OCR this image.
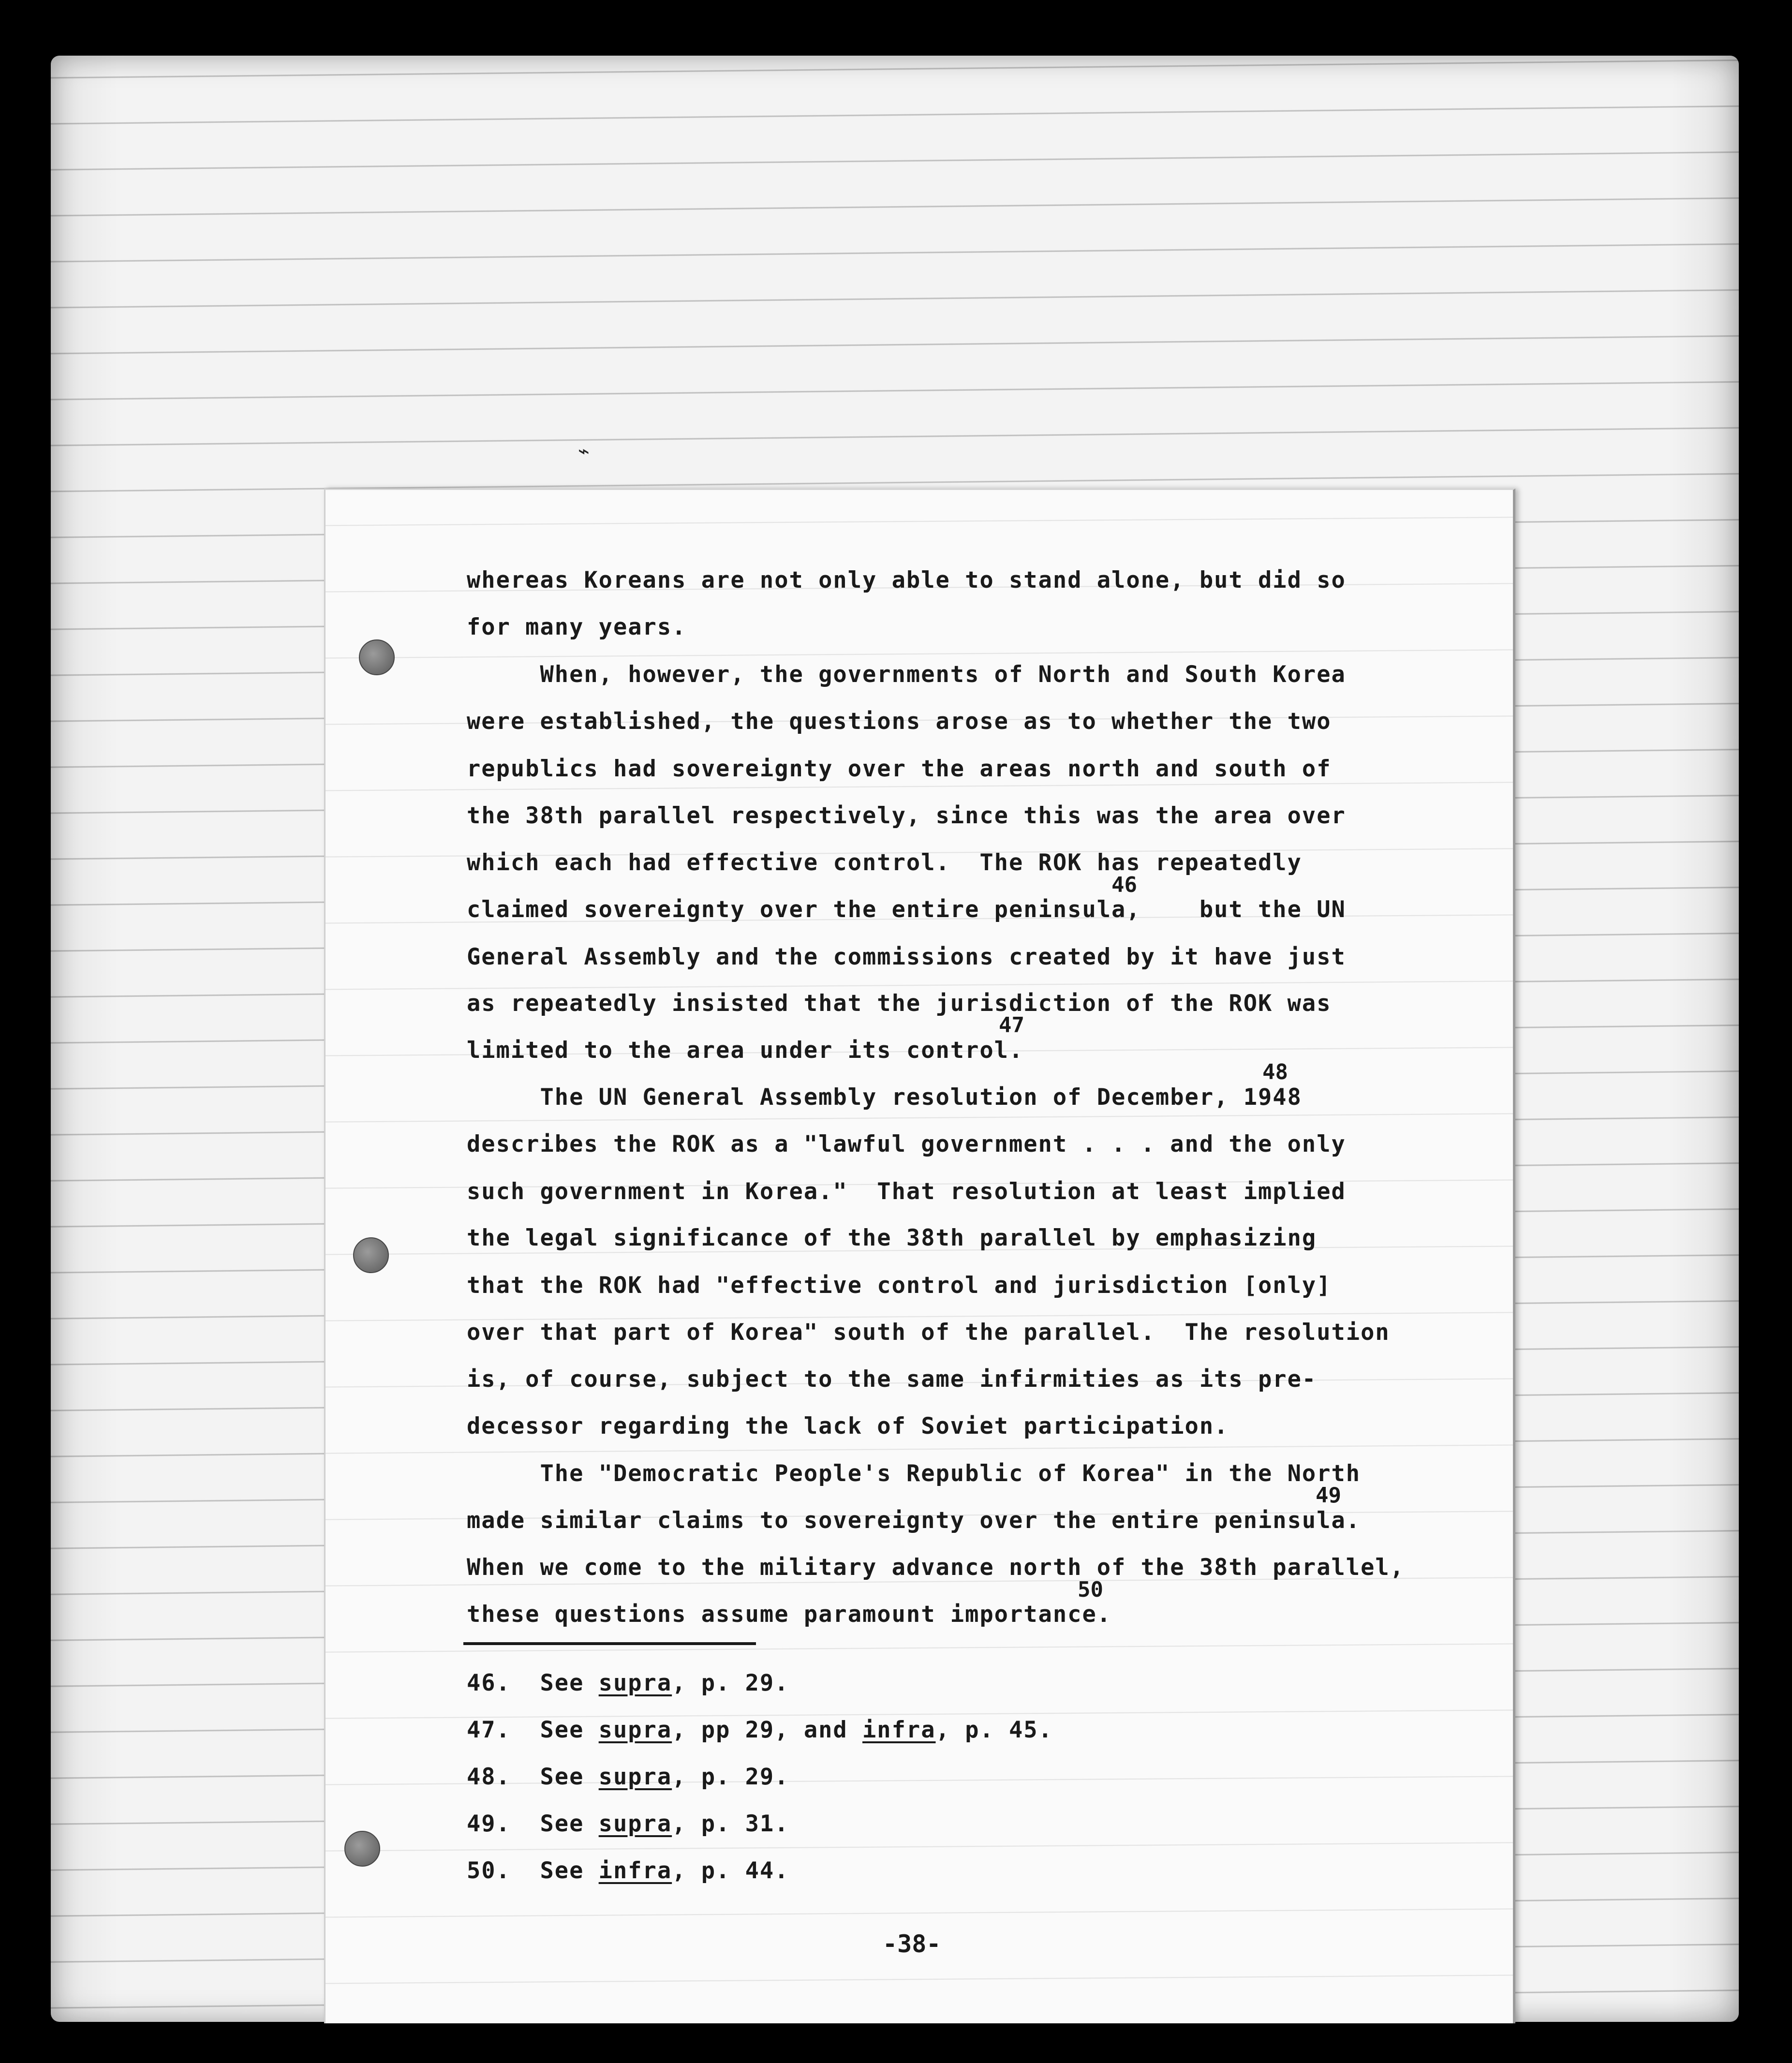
⌁
whereas Koreans are not only able to stand alone, but did so
for many years.
When, however, the governments of North and South Korea
were established, the questions arose as to whether the two
republics had sovereignty over the areas north and south of
the 38th parallel respectively, since this was the area over
which each had effective control.  The ROK has repeatedly
claimed sovereignty over the entire peninsula,    but the UN
General Assembly and the commissions created by it have just
as repeatedly insisted that the jurisdiction of the ROK was
limited to the area under its control.
The UN General Assembly resolution of December, 1948
describes the ROK as a "lawful government . . . and the only
such government in Korea."  That resolution at least implied
the legal significance of the 38th parallel by emphasizing
that the ROK had "effective control and jurisdiction [only]
over that part of Korea" south of the parallel.  The resolution
is, of course, subject to the same infirmities as its pre-
decessor regarding the lack of Soviet participation.
The "Democratic People's Republic of Korea" in the North
made similar claims to sovereignty over the entire peninsula.
When we come to the military advance north of the 38th parallel,
these questions assume paramount importance.
46
47
48
49
50
46. See supra, p. 29.
47. See supra, pp 29, and infra, p. 45.
48. See supra, p. 29.
49. See supra, p. 31.
50. See infra, p. 44.
-38-
